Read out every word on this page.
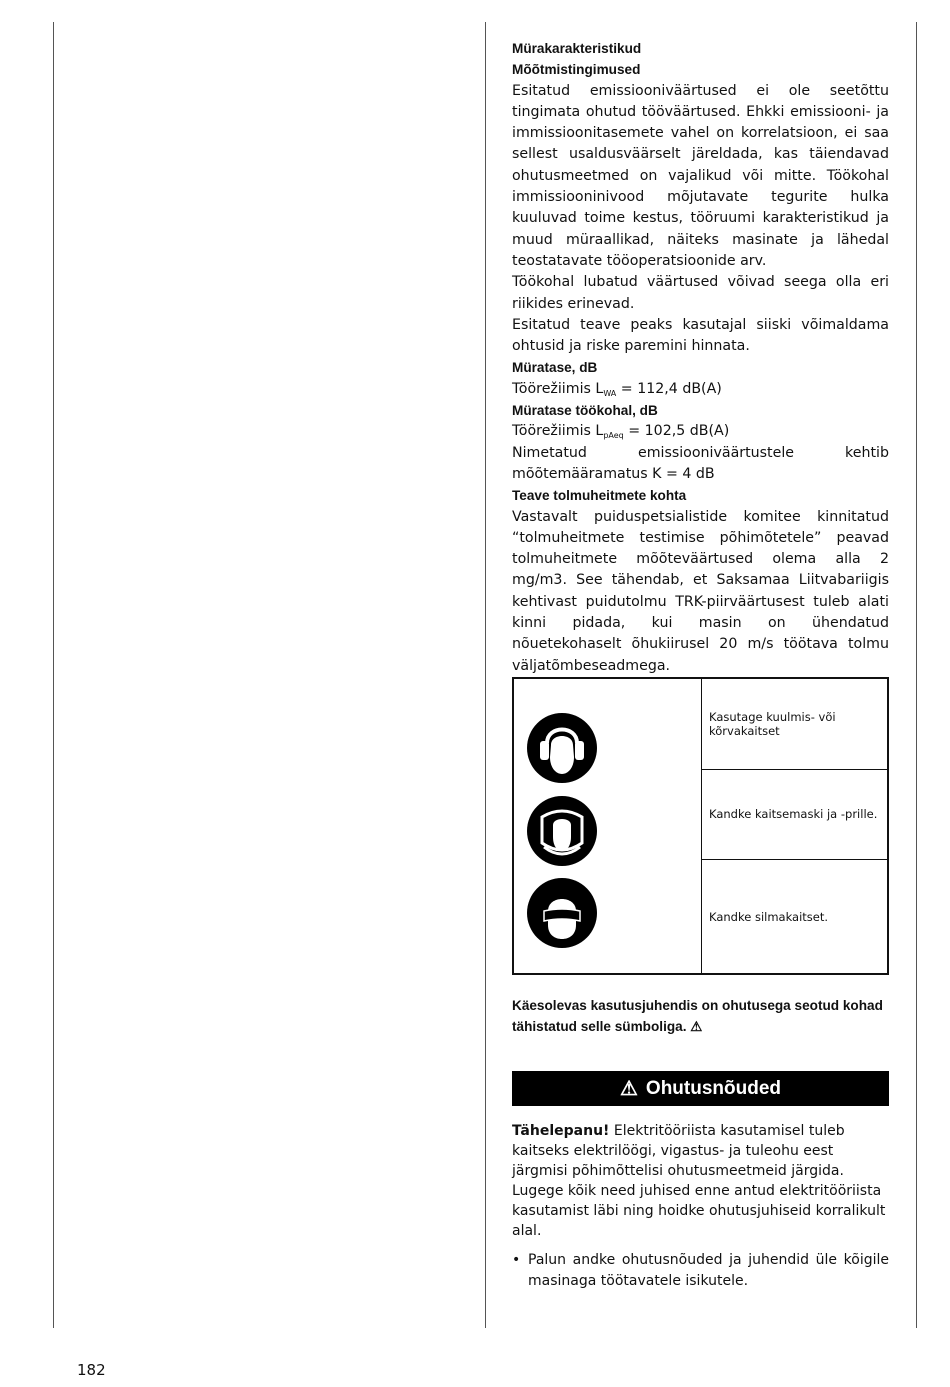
Mürakarakteristikud
Mõõtmistingimused
Esitatud emissiooniväärtused ei ole seetõttu tingimata ohutud tööväärtused. Ehkki emissiooni- ja immissioonitasemete vahel on korrelatsioon, ei saa sellest usaldusväärselt järeldada, kas täiendavad ohutusmeetmed on vajalikud või mitte. Töökohal immissiooninivood mõjutavate tegurite hulka kuuluvad toime kestus, tööruumi karakteristikud ja muud müraallikad, näiteks masinate ja lähedal teostatavate tööoperatsioonide arv.
Töökohal lubatud väärtused võivad seega olla eri riikides erinevad.
Esitatud teave peaks kasutajal siiski võimaldama ohtusid ja riske paremini hinnata.
Müratase, dB
Töörežiimis $L_{WA} = 112,4$ dB(A)
Müratase töökohal, dB
Töörežiimis $L_{pAeq} = 102,5$ dB(A)
Nimetatud emissiooniväärtustele kehtib mõõtemääramatus K = 4 dB
Teave tolmuheitmete kohta
Vastavalt puiduspetsialistide komitee kinnitatud “tolmuheitmete testimise põhimõtetele” peavad tolmuheitmete mõõteväärtused olema alla 2 mg/m3. See tähendab, et Saksamaa Liitvabariigis kehtivast puidutolmu TRK-piirväärtusest tuleb alati kinni pidada, kui masin on ühendatud nõuetekohaselt õhukiirusel 20 m/s töötava tolmu väljatõmbeseadmega.
Kasutage kuulmis- või kõrvakaitset
Kandke kaitsemaski ja -prille.
Kandke silmakaitset.
Käesolevas kasutusjuhendis on ohutusega seotud kohad tähistatud selle sümboliga. ⚠
⚠ Ohutusnõuded
Tähelepanu! Elektritööriista kasutamisel tuleb kaitseks elektrilöögi, vigastus- ja tuleohu eest järgmisi põhimõttelisi ohutusmeetmeid järgida.
Lugege kõik need juhised enne antud elektritööriista kasutamist läbi ning hoidke ohutusjuhiseid korralikult alal.
• Palun andke ohutusnõuded ja juhendid üle kõigile masinaga töötavatele isikutele.
182
